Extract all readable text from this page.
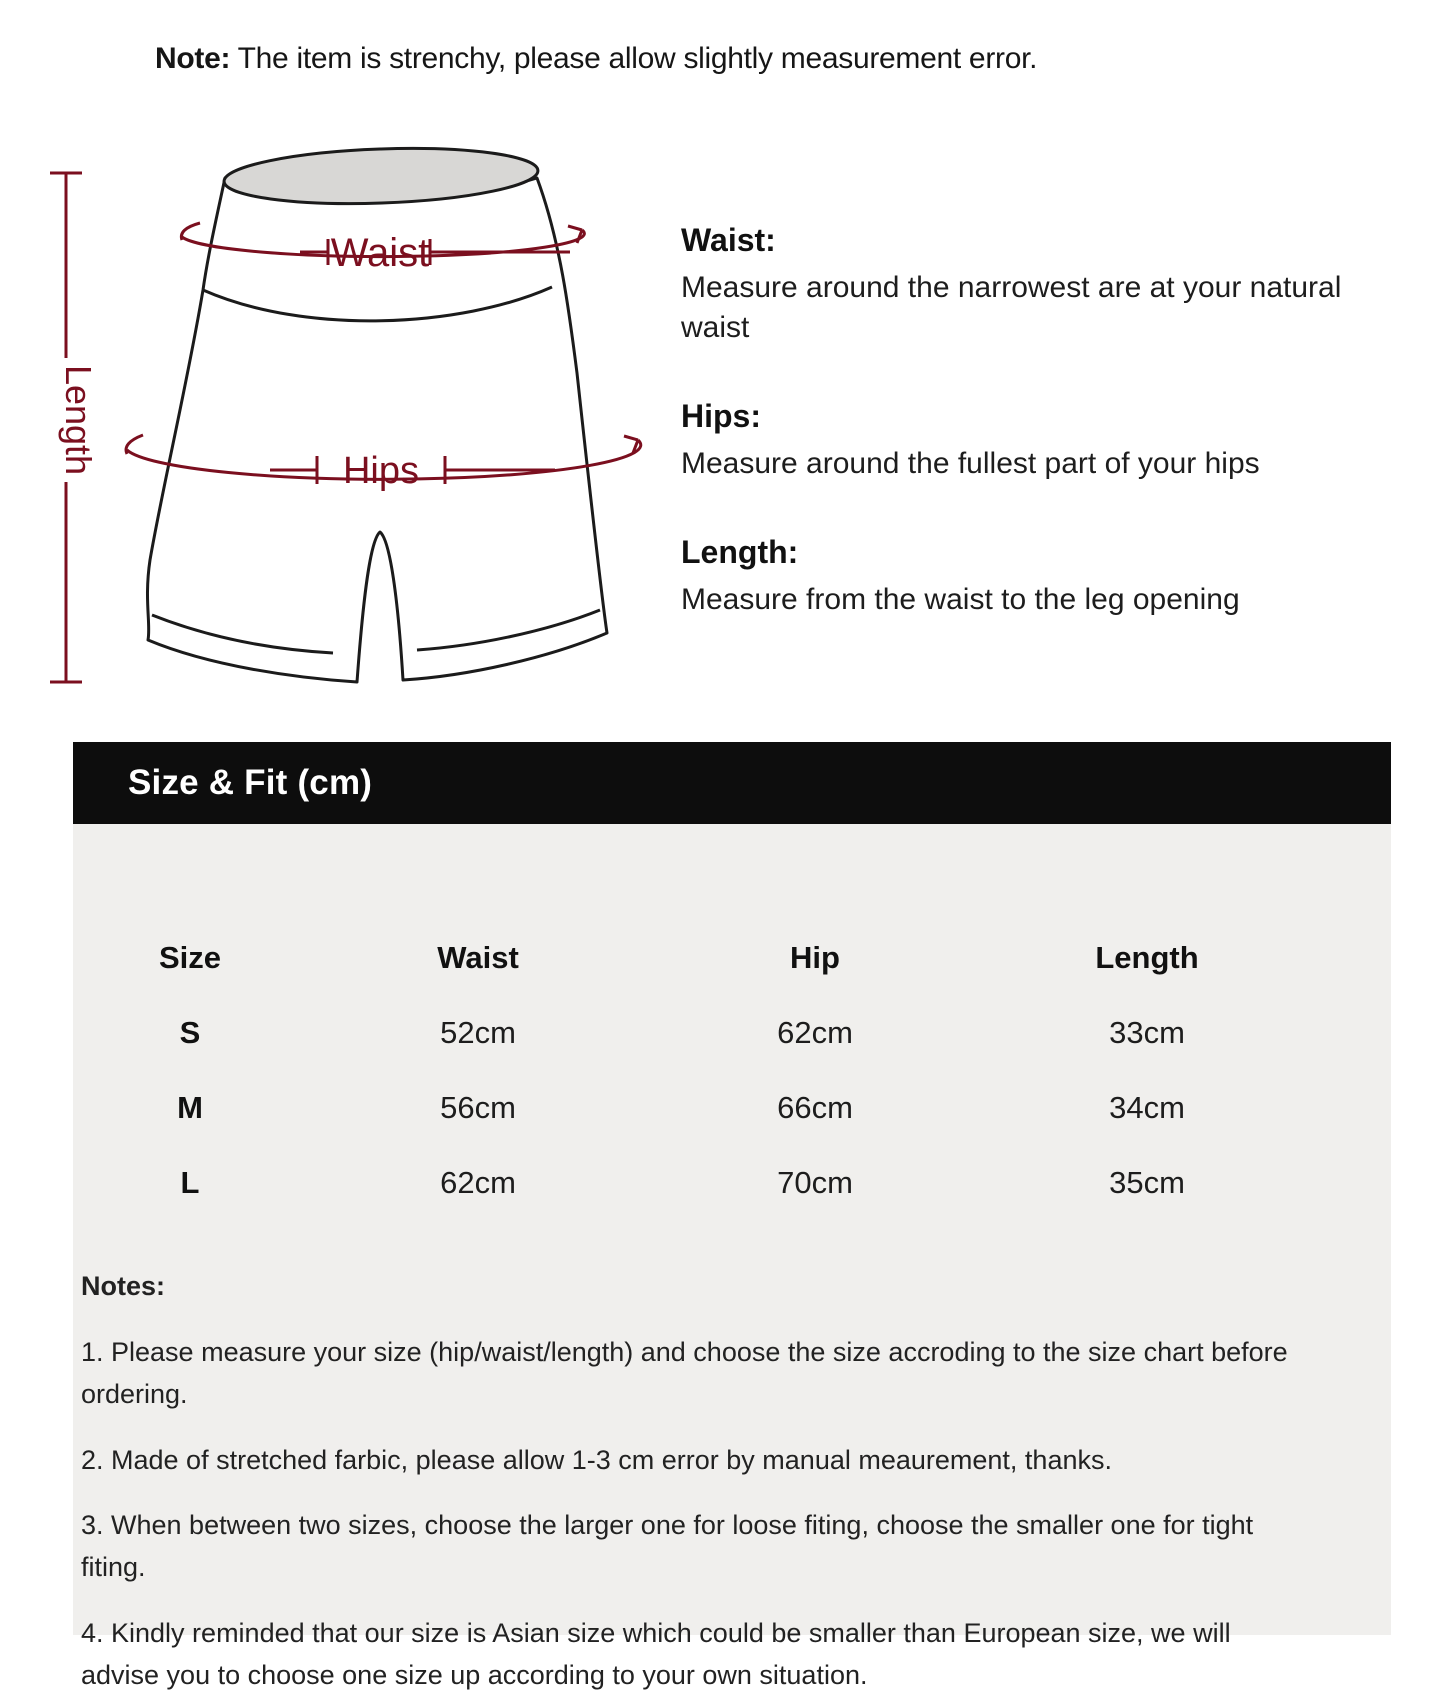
Note: The item is strenchy, please allow slightly measurement error.
Waist
Hips
Length

Waist:

Measure around the narrowest are at your natural waist

Hips:

Measure around the fullest part of your hips

Length:

Measure from the waist to the leg opening

Size & Fit (cm)
Size	Waist	Hip	Length
S	52cm	62cm	33cm
M	56cm	66cm	34cm
L	62cm	70cm	35cm

Notes:

1. Please measure your size (hip/waist/length) and choose the size accroding to the size chart before ordering.

2. Made of stretched farbic, please allow 1-3 cm error by manual meaurement, thanks.

3. When between two sizes, choose the larger one for loose fiting, choose the smaller one for tight fiting.

4. Kindly reminded that our size is Asian size which could be smaller than European size, we will advise you to choose one size up according to your own situation.
